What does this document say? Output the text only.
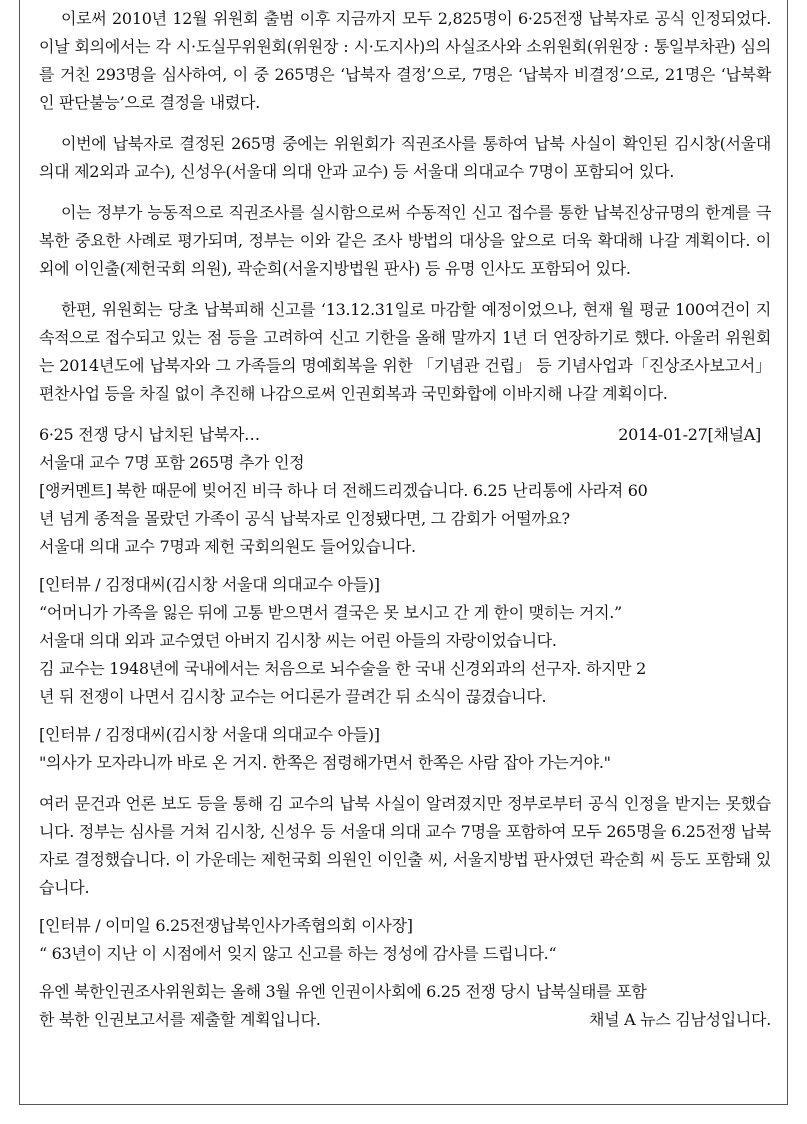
이로써 2010년 12월 위원회 출범 이후 지금까지 모두 2,825명이 6·25전쟁 납북자로 공식 인정되었다. 이날 회의에서는 각 시·도실무위원회(위원장 : 시·도지사)의 사실조사와 소위원회(위원장 : 통일부차관) 심의를 거친 293명을 심사하여, 이 중 265명은 ‘납북자 결정’으로, 7명은 ‘납북자 비결정’으로, 21명은 ‘납북확인 판단불능’으로 결정을 내렸다.

이번에 납북자로 결정된 265명 중에는 위원회가 직권조사를 통하여 납북 사실이 확인된 김시창(서울대 의대 제2외과 교수), 신성우(서울대 의대 안과 교수) 등 서울대 의대교수 7명이 포함되어 있다.

이는 정부가 능동적으로 직권조사를 실시함으로써 수동적인 신고 접수를 통한 납북진상규명의 한계를 극복한 중요한 사례로 평가되며, 정부는 이와 같은 조사 방법의 대상을 앞으로 더욱 확대해 나갈 계획이다. 이외에 이인출(제헌국회 의원), 곽순희(서울지방법원 판사) 등 유명 인사도 포함되어 있다.

한편, 위원회는 당초 납북피해 신고를 ‘13.12.31일로 마감할 예정이었으나, 현재 월 평균 100여건이 지속적으로 접수되고 있는 점 등을 고려하여 신고 기한을 올해 말까지 1년 더 연장하기로 했다. 아울러 위원회는 2014년도에 납북자와 그 가족들의 명예회복을 위한 「기념관 건립」 등 기념사업과「진상조사보고서」 편찬사업 등을 차질 없이 추진해 나감으로써 인권회복과 국민화합에 이바지해 나갈 계획이다.

6·25 전쟁 당시 납치된 납북자…	2014-01-27[채널A]

서울대 교수 7명 포함 265명 추가 인정

[앵커멘트] 북한 때문에 빚어진 비극 하나 더 전해드리겠습니다. 6.25 난리통에 사라져 60

년 넘게 종적을 몰랐던 가족이 공식 납북자로 인정됐다면, 그 감회가 어떨까요?

서울대 의대 교수 7명과 제헌 국회의원도 들어있습니다.

[인터뷰 / 김정대씨(김시창 서울대 의대교수 아들)]

“어머니가 가족을 잃은 뒤에 고통 받으면서 결국은 못 보시고 간 게 한이 맺히는 거지.”

서울대 의대 외과 교수였던 아버지 김시창 씨는 어린 아들의 자랑이었습니다.

김 교수는 1948년에 국내에서는 처음으로 뇌수술을 한 국내 신경외과의 선구자. 하지만 2

년 뒤 전쟁이 나면서 김시창 교수는 어디론가 끌려간 뒤 소식이 끊겼습니다.

[인터뷰 / 김정대씨(김시창 서울대 의대교수 아들)]

"의사가 모자라니까 바로 온 거지. 한쪽은 점령해가면서 한쪽은 사람 잡아 가는거야."

여러 문건과 언론 보도 등을 통해 김 교수의 납북 사실이 알려졌지만 정부로부터 공식 인정을 받지는 못했습니다. 정부는 심사를 거쳐 김시창, 신성우 등 서울대 의대 교수 7명을 포함하여 모두 265명을 6.25전쟁 납북자로 결정했습니다. 이 가운데는 제헌국회 의원인 이인출 씨, 서울지방법 판사였던 곽순희 씨 등도 포함돼 있습니다.

[인터뷰 / 이미일 6.25전쟁납북인사가족협의회 이사장]

“ 63년이 지난 이 시점에서 잊지 않고 신고를 하는 정성에 감사를 드립니다.“

유엔 북한인권조사위원회는 올해 3월 유엔 인권이사회에 6.25 전쟁 당시 납북실태를 포함

한 북한 인권보고서를 제출할 계획입니다.	채널 A 뉴스 김남성입니다.
